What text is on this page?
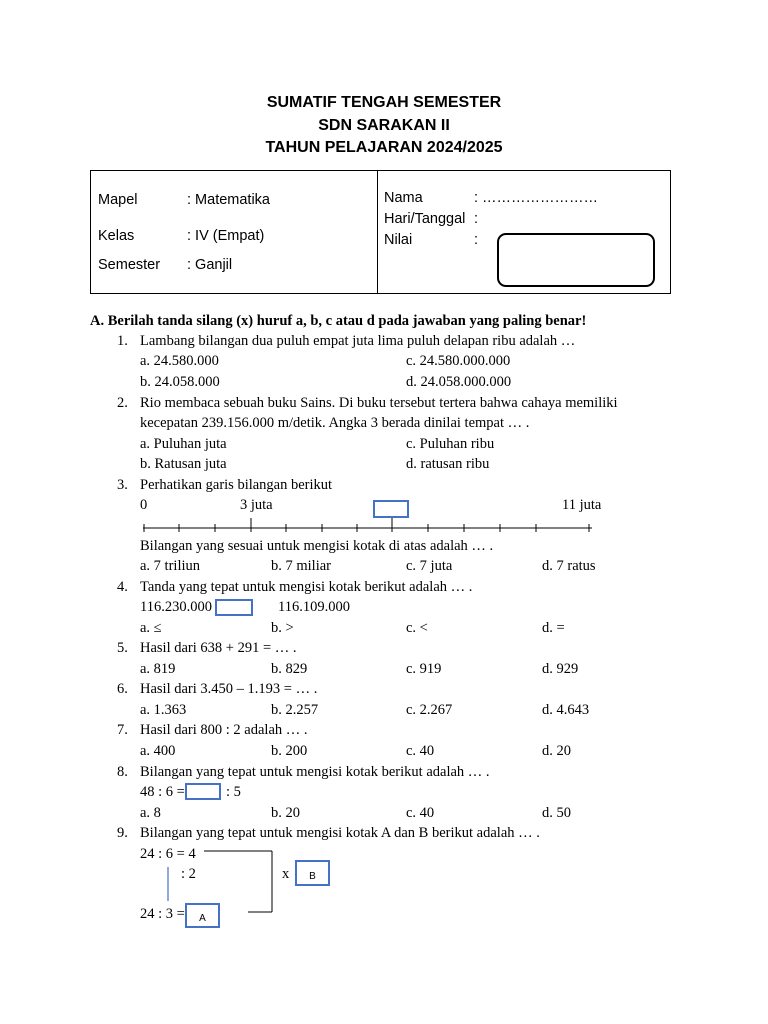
SUMATIF TENGAH SEMESTER
SDN SARAKAN II
TAHUN PELAJARAN 2024/2025
Mapel	: Matematika
Kelas	: IV (Empat)
Semester : Ganjil
Nama	: ……………………
Hari/Tanggal :
Nilai	:
A. Berilah tanda silang (x) huruf a, b, c atau d pada jawaban yang paling benar!
1. Lambang bilangan dua puluh empat juta lima puluh delapan ribu adalah …
a. 24.580.000
b. 24.058.000
c. 24.580.000.000
d. 24.058.000.000
2. Rio membaca sebuah buku Sains. Di buku tersebut tertera bahwa cahaya memiliki
kecepatan 239.156.000 m/detik. Angka 3 berada dinilai tempat … .
a. Puluhan juta
b. Ratusan juta
c. Puluhan ribu
d. ratusan ribu
3. Perhatikan garis bilangan berikut
0	3 juta	11 juta
Bilangan yang sesuai untuk mengisi kotak di atas adalah … .
a. 7 triliun	b. 7 miliar	c. 7 juta	d. 7 ratus
4. Tanda yang tepat untuk mengisi kotak berikut adalah … .
116.230.000	116.109.000
a. ≤	b. >	c. <	d. =
5. Hasil dari 638 + 291 = … .
a. 819	b. 829	c. 919	d. 929
6. Hasil dari 3.450 – 1.193 = … .
a. 1.363	b. 2.257	c. 2.267	d. 4.643
7. Hasil dari 800 : 2 adalah … .
a. 400	b. 200	c. 40	d. 20
8. Bilangan yang tepat untuk mengisi kotak berikut adalah … .
48 : 6 =	: 5
a. 8	b. 20	c. 40	d. 50
9. Bilangan yang tepat untuk mengisi kotak A dan B berikut adalah … .
24 : 6 = 4
: 2	x	B
24 : 3 =	A
